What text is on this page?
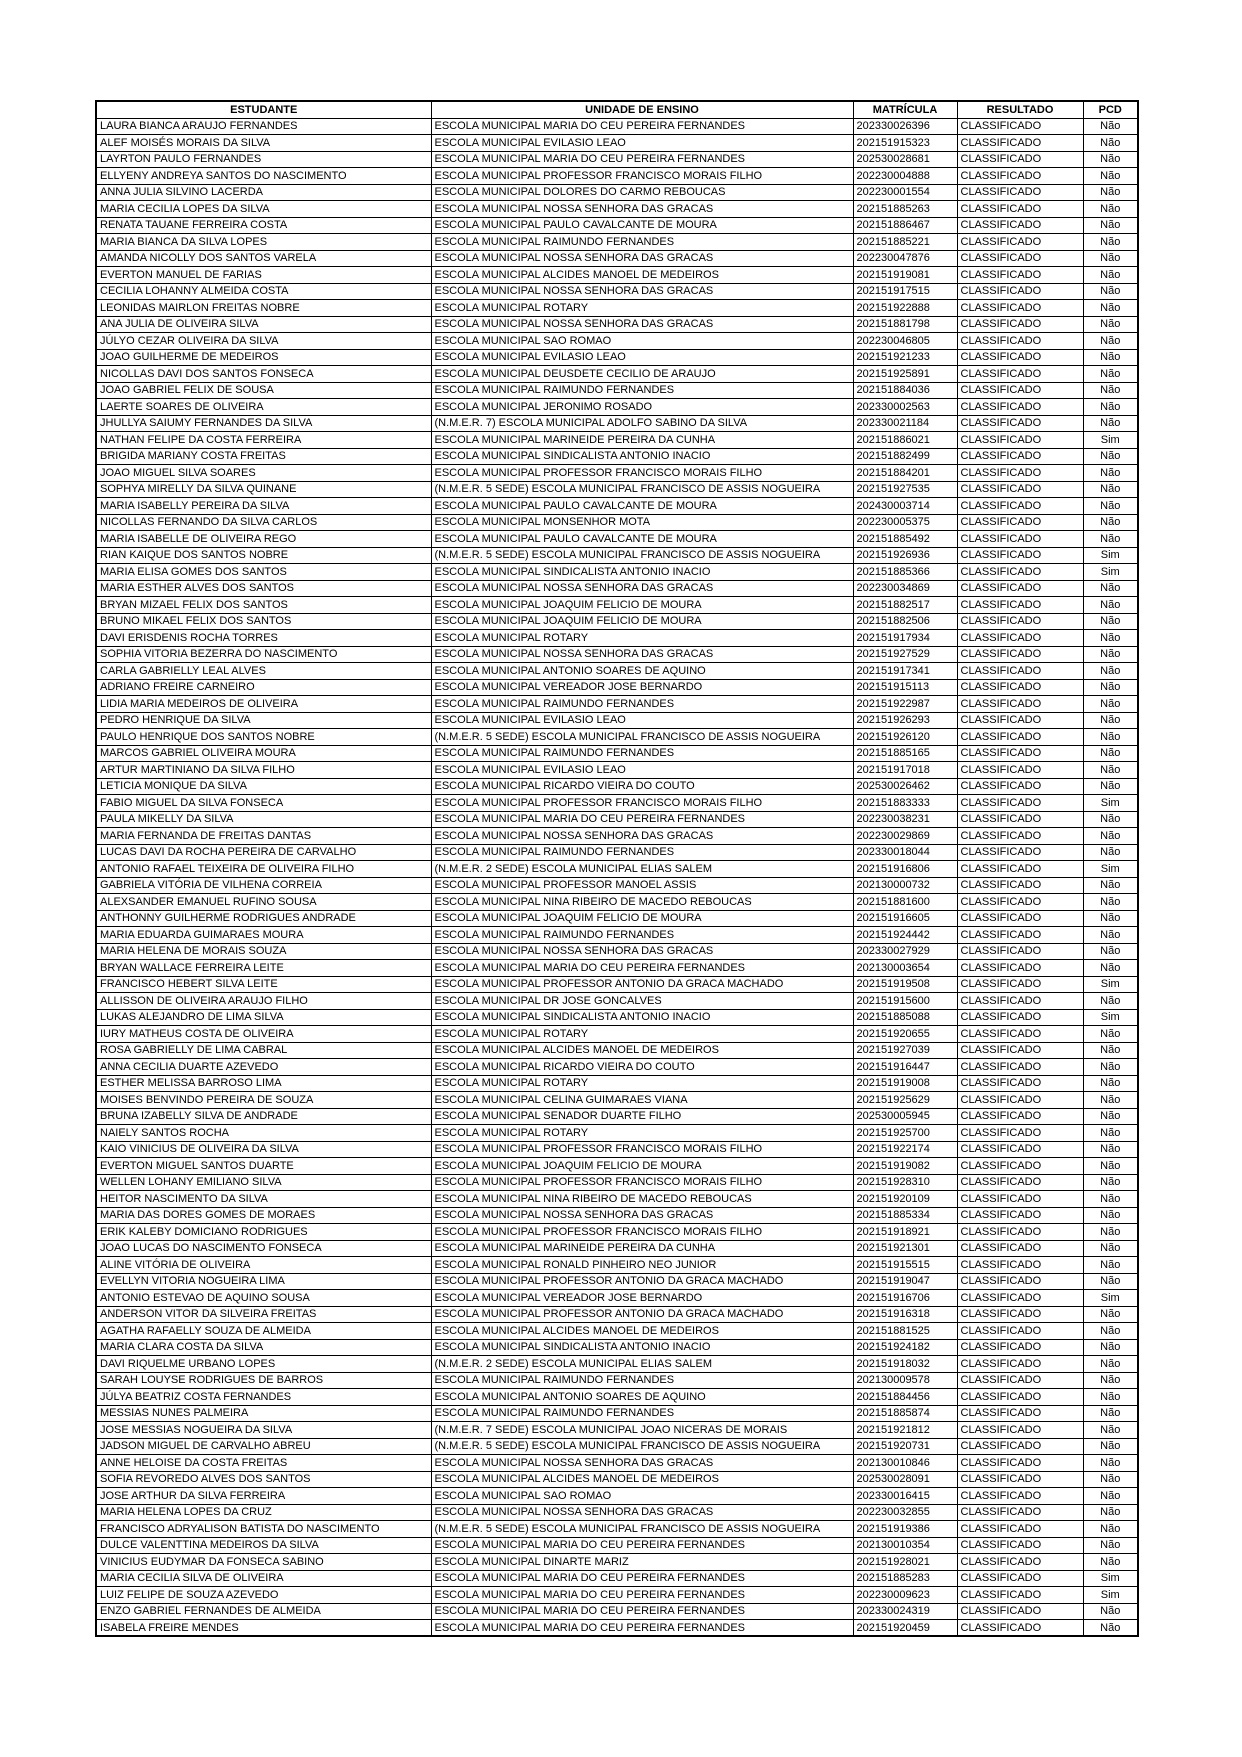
ESTUDANTE	UNIDADE DE ENSINO	MATRÍCULA	RESULTADO	PCD
LAURA BIANCA ARAUJO FERNANDES	ESCOLA MUNICIPAL MARIA DO CEU PEREIRA FERNANDES	202330026396	CLASSIFICADO	Não
ALEF MOISÉS MORAIS DA SILVA	ESCOLA MUNICIPAL EVILASIO LEAO	202151915323	CLASSIFICADO	Não
LAYRTON PAULO FERNANDES	ESCOLA MUNICIPAL MARIA DO CEU PEREIRA FERNANDES	202530028681	CLASSIFICADO	Não
ELLYENY ANDREYA SANTOS DO NASCIMENTO	ESCOLA MUNICIPAL PROFESSOR FRANCISCO MORAIS FILHO	202230004888	CLASSIFICADO	Não
ANNA JULIA SILVINO LACERDA	ESCOLA MUNICIPAL DOLORES DO CARMO REBOUCAS	202230001554	CLASSIFICADO	Não
MARIA CECILIA LOPES DA SILVA	ESCOLA MUNICIPAL NOSSA SENHORA DAS GRACAS	202151885263	CLASSIFICADO	Não
RENATA TAUANE FERREIRA COSTA	ESCOLA MUNICIPAL PAULO CAVALCANTE DE MOURA	202151886467	CLASSIFICADO	Não
MARIA BIANCA DA SILVA LOPES	ESCOLA MUNICIPAL RAIMUNDO FERNANDES	202151885221	CLASSIFICADO	Não
AMANDA NICOLLY DOS SANTOS VARELA	ESCOLA MUNICIPAL NOSSA SENHORA DAS GRACAS	202230047876	CLASSIFICADO	Não
EVERTON MANUEL DE FARIAS	ESCOLA MUNICIPAL ALCIDES MANOEL DE MEDEIROS	202151919081	CLASSIFICADO	Não
CECILIA LOHANNY ALMEIDA COSTA	ESCOLA MUNICIPAL NOSSA SENHORA DAS GRACAS	202151917515	CLASSIFICADO	Não
LEONIDAS MAIRLON FREITAS NOBRE	ESCOLA MUNICIPAL ROTARY	202151922888	CLASSIFICADO	Não
ANA JULIA DE OLIVEIRA SILVA	ESCOLA MUNICIPAL NOSSA SENHORA DAS GRACAS	202151881798	CLASSIFICADO	Não
JÚLYO CEZAR OLIVEIRA DA SILVA	ESCOLA MUNICIPAL SAO ROMAO	202230046805	CLASSIFICADO	Não
JOAO GUILHERME DE MEDEIROS	ESCOLA MUNICIPAL EVILASIO LEAO	202151921233	CLASSIFICADO	Não
NICOLLAS DAVI DOS SANTOS FONSECA	ESCOLA MUNICIPAL DEUSDETE CECILIO DE ARAUJO	202151925891	CLASSIFICADO	Não
JOAO GABRIEL FELIX DE SOUSA	ESCOLA MUNICIPAL RAIMUNDO FERNANDES	202151884036	CLASSIFICADO	Não
LAERTE SOARES DE OLIVEIRA	ESCOLA MUNICIPAL JERONIMO ROSADO	202330002563	CLASSIFICADO	Não
JHULLYA SAIUMY FERNANDES DA SILVA	(N.M.E.R. 7) ESCOLA MUNICIPAL ADOLFO SABINO DA SILVA	202330021184	CLASSIFICADO	Não
NATHAN FELIPE DA COSTA FERREIRA	ESCOLA MUNICIPAL MARINEIDE PEREIRA DA CUNHA	202151886021	CLASSIFICADO	Sim
BRIGIDA MARIANY COSTA FREITAS	ESCOLA MUNICIPAL SINDICALISTA ANTONIO INACIO	202151882499	CLASSIFICADO	Não
JOAO MIGUEL SILVA SOARES	ESCOLA MUNICIPAL PROFESSOR FRANCISCO MORAIS FILHO	202151884201	CLASSIFICADO	Não
SOPHYA MIRELLY DA SILVA QUINANE	(N.M.E.R. 5 SEDE) ESCOLA MUNICIPAL FRANCISCO DE ASSIS NOGUEIRA	202151927535	CLASSIFICADO	Não
MARIA ISABELLY PEREIRA DA SILVA	ESCOLA MUNICIPAL PAULO CAVALCANTE DE MOURA	202430003714	CLASSIFICADO	Não
NICOLLAS FERNANDO DA SILVA CARLOS	ESCOLA MUNICIPAL MONSENHOR MOTA	202230005375	CLASSIFICADO	Não
MARIA ISABELLE DE OLIVEIRA REGO	ESCOLA MUNICIPAL PAULO CAVALCANTE DE MOURA	202151885492	CLASSIFICADO	Não
RIAN KAIQUE DOS SANTOS NOBRE	(N.M.E.R. 5 SEDE) ESCOLA MUNICIPAL FRANCISCO DE ASSIS NOGUEIRA	202151926936	CLASSIFICADO	Sim
MARIA ELISA GOMES DOS SANTOS	ESCOLA MUNICIPAL SINDICALISTA ANTONIO INACIO	202151885366	CLASSIFICADO	Sim
MARIA ESTHER ALVES DOS SANTOS	ESCOLA MUNICIPAL NOSSA SENHORA DAS GRACAS	202230034869	CLASSIFICADO	Não
BRYAN MIZAEL FELIX DOS SANTOS	ESCOLA MUNICIPAL JOAQUIM FELICIO DE MOURA	202151882517	CLASSIFICADO	Não
BRUNO MIKAEL FELIX DOS SANTOS	ESCOLA MUNICIPAL JOAQUIM FELICIO DE MOURA	202151882506	CLASSIFICADO	Não
DAVI ERISDENIS ROCHA TORRES	ESCOLA MUNICIPAL ROTARY	202151917934	CLASSIFICADO	Não
SOPHIA VITORIA BEZERRA DO NASCIMENTO	ESCOLA MUNICIPAL NOSSA SENHORA DAS GRACAS	202151927529	CLASSIFICADO	Não
CARLA GABRIELLY LEAL ALVES	ESCOLA MUNICIPAL ANTONIO SOARES DE AQUINO	202151917341	CLASSIFICADO	Não
ADRIANO FREIRE CARNEIRO	ESCOLA MUNICIPAL VEREADOR JOSE BERNARDO	202151915113	CLASSIFICADO	Não
LIDIA MARIA MEDEIROS DE OLIVEIRA	ESCOLA MUNICIPAL RAIMUNDO FERNANDES	202151922987	CLASSIFICADO	Não
PEDRO HENRIQUE DA SILVA	ESCOLA MUNICIPAL EVILASIO LEAO	202151926293	CLASSIFICADO	Não
PAULO HENRIQUE DOS SANTOS NOBRE	(N.M.E.R. 5 SEDE) ESCOLA MUNICIPAL FRANCISCO DE ASSIS NOGUEIRA	202151926120	CLASSIFICADO	Não
MARCOS GABRIEL OLIVEIRA MOURA	ESCOLA MUNICIPAL RAIMUNDO FERNANDES	202151885165	CLASSIFICADO	Não
ARTUR MARTINIANO DA SILVA FILHO	ESCOLA MUNICIPAL EVILASIO LEAO	202151917018	CLASSIFICADO	Não
LETICIA MONIQUE DA SILVA	ESCOLA MUNICIPAL RICARDO VIEIRA DO COUTO	202530026462	CLASSIFICADO	Não
FABIO MIGUEL DA SILVA FONSECA	ESCOLA MUNICIPAL PROFESSOR FRANCISCO MORAIS FILHO	202151883333	CLASSIFICADO	Sim
PAULA MIKELLY DA SILVA	ESCOLA MUNICIPAL MARIA DO CEU PEREIRA FERNANDES	202230038231	CLASSIFICADO	Não
MARIA FERNANDA DE FREITAS DANTAS	ESCOLA MUNICIPAL NOSSA SENHORA DAS GRACAS	202230029869	CLASSIFICADO	Não
LUCAS DAVI DA ROCHA PEREIRA DE CARVALHO	ESCOLA MUNICIPAL RAIMUNDO FERNANDES	202330018044	CLASSIFICADO	Não
ANTONIO RAFAEL TEIXEIRA DE OLIVEIRA FILHO	(N.M.E.R. 2 SEDE) ESCOLA MUNICIPAL ELIAS SALEM	202151916806	CLASSIFICADO	Sim
GABRIELA VITÓRIA DE VILHENA CORREIA	ESCOLA MUNICIPAL PROFESSOR MANOEL ASSIS	202130000732	CLASSIFICADO	Não
ALEXSANDER EMANUEL RUFINO SOUSA	ESCOLA MUNICIPAL NINA RIBEIRO DE MACEDO REBOUCAS	202151881600	CLASSIFICADO	Não
ANTHONNY GUILHERME RODRIGUES ANDRADE	ESCOLA MUNICIPAL JOAQUIM FELICIO DE MOURA	202151916605	CLASSIFICADO	Não
MARIA EDUARDA GUIMARAES MOURA	ESCOLA MUNICIPAL RAIMUNDO FERNANDES	202151924442	CLASSIFICADO	Não
MARIA HELENA DE MORAIS SOUZA	ESCOLA MUNICIPAL NOSSA SENHORA DAS GRACAS	202330027929	CLASSIFICADO	Não
BRYAN WALLACE FERREIRA LEITE	ESCOLA MUNICIPAL MARIA DO CEU PEREIRA FERNANDES	202130003654	CLASSIFICADO	Não
FRANCISCO HEBERT SILVA LEITE	ESCOLA MUNICIPAL PROFESSOR ANTONIO DA GRACA MACHADO	202151919508	CLASSIFICADO	Sim
ALLISSON DE OLIVEIRA ARAUJO FILHO	ESCOLA MUNICIPAL DR JOSE GONCALVES	202151915600	CLASSIFICADO	Não
LUKAS ALEJANDRO DE LIMA SILVA	ESCOLA MUNICIPAL SINDICALISTA ANTONIO INACIO	202151885088	CLASSIFICADO	Sim
IURY MATHEUS COSTA DE OLIVEIRA	ESCOLA MUNICIPAL ROTARY	202151920655	CLASSIFICADO	Não
ROSA GABRIELLY DE LIMA CABRAL	ESCOLA MUNICIPAL ALCIDES MANOEL DE MEDEIROS	202151927039	CLASSIFICADO	Não
ANNA CECILIA DUARTE AZEVEDO	ESCOLA MUNICIPAL RICARDO VIEIRA DO COUTO	202151916447	CLASSIFICADO	Não
ESTHER MELISSA BARROSO LIMA	ESCOLA MUNICIPAL ROTARY	202151919008	CLASSIFICADO	Não
MOISES BENVINDO PEREIRA DE SOUZA	ESCOLA MUNICIPAL CELINA GUIMARAES VIANA	202151925629	CLASSIFICADO	Não
BRUNA IZABELLY SILVA DE ANDRADE	ESCOLA MUNICIPAL SENADOR DUARTE FILHO	202530005945	CLASSIFICADO	Não
NAIELY SANTOS ROCHA	ESCOLA MUNICIPAL ROTARY	202151925700	CLASSIFICADO	Não
KAIO VINICIUS DE OLIVEIRA DA SILVA	ESCOLA MUNICIPAL PROFESSOR FRANCISCO MORAIS FILHO	202151922174	CLASSIFICADO	Não
EVERTON MIGUEL SANTOS DUARTE	ESCOLA MUNICIPAL JOAQUIM FELICIO DE MOURA	202151919082	CLASSIFICADO	Não
WELLEN LOHANY EMILIANO SILVA	ESCOLA MUNICIPAL PROFESSOR FRANCISCO MORAIS FILHO	202151928310	CLASSIFICADO	Não
HEITOR NASCIMENTO DA SILVA	ESCOLA MUNICIPAL NINA RIBEIRO DE MACEDO REBOUCAS	202151920109	CLASSIFICADO	Não
MARIA DAS DORES GOMES DE MORAES	ESCOLA MUNICIPAL NOSSA SENHORA DAS GRACAS	202151885334	CLASSIFICADO	Não
ERIK KALEBY DOMICIANO RODRIGUES	ESCOLA MUNICIPAL PROFESSOR FRANCISCO MORAIS FILHO	202151918921	CLASSIFICADO	Não
JOAO LUCAS DO NASCIMENTO FONSECA	ESCOLA MUNICIPAL MARINEIDE PEREIRA DA CUNHA	202151921301	CLASSIFICADO	Não
ALINE VITÓRIA DE OLIVEIRA	ESCOLA MUNICIPAL RONALD PINHEIRO NEO JUNIOR	202151915515	CLASSIFICADO	Não
EVELLYN VITORIA NOGUEIRA LIMA	ESCOLA MUNICIPAL PROFESSOR ANTONIO DA GRACA MACHADO	202151919047	CLASSIFICADO	Não
ANTONIO ESTEVAO DE AQUINO SOUSA	ESCOLA MUNICIPAL VEREADOR JOSE BERNARDO	202151916706	CLASSIFICADO	Sim
ANDERSON VITOR DA SILVEIRA FREITAS	ESCOLA MUNICIPAL PROFESSOR ANTONIO DA GRACA MACHADO	202151916318	CLASSIFICADO	Não
AGATHA RAFAELLY SOUZA DE ALMEIDA	ESCOLA MUNICIPAL ALCIDES MANOEL DE MEDEIROS	202151881525	CLASSIFICADO	Não
MARIA CLARA COSTA DA SILVA	ESCOLA MUNICIPAL SINDICALISTA ANTONIO INACIO	202151924182	CLASSIFICADO	Não
DAVI RIQUELME URBANO LOPES	(N.M.E.R. 2 SEDE) ESCOLA MUNICIPAL ELIAS SALEM	202151918032	CLASSIFICADO	Não
SARAH LOUYSE RODRIGUES DE BARROS	ESCOLA MUNICIPAL RAIMUNDO FERNANDES	202130009578	CLASSIFICADO	Não
JÚLYA BEATRIZ COSTA FERNANDES	ESCOLA MUNICIPAL ANTONIO SOARES DE AQUINO	202151884456	CLASSIFICADO	Não
MESSIAS NUNES PALMEIRA	ESCOLA MUNICIPAL RAIMUNDO FERNANDES	202151885874	CLASSIFICADO	Não
JOSE MESSIAS NOGUEIRA DA SILVA	(N.M.E.R. 7 SEDE) ESCOLA MUNICIPAL JOAO NICERAS DE MORAIS	202151921812	CLASSIFICADO	Não
JADSON MIGUEL DE CARVALHO ABREU	(N.M.E.R. 5 SEDE) ESCOLA MUNICIPAL FRANCISCO DE ASSIS NOGUEIRA	202151920731	CLASSIFICADO	Não
ANNE HELOISE DA COSTA FREITAS	ESCOLA MUNICIPAL NOSSA SENHORA DAS GRACAS	202130010846	CLASSIFICADO	Não
SOFIA REVOREDO ALVES DOS SANTOS	ESCOLA MUNICIPAL ALCIDES MANOEL DE MEDEIROS	202530028091	CLASSIFICADO	Não
JOSE ARTHUR DA SILVA FERREIRA	ESCOLA MUNICIPAL SAO ROMAO	202330016415	CLASSIFICADO	Não
MARIA HELENA LOPES DA CRUZ	ESCOLA MUNICIPAL NOSSA SENHORA DAS GRACAS	202230032855	CLASSIFICADO	Não
FRANCISCO ADRYALISON BATISTA DO NASCIMENTO	(N.M.E.R. 5 SEDE) ESCOLA MUNICIPAL FRANCISCO DE ASSIS NOGUEIRA	202151919386	CLASSIFICADO	Não
DULCE VALENTTINA MEDEIROS DA SILVA	ESCOLA MUNICIPAL MARIA DO CEU PEREIRA FERNANDES	202130010354	CLASSIFICADO	Não
VINICIUS EUDYMAR DA FONSECA SABINO	ESCOLA MUNICIPAL DINARTE MARIZ	202151928021	CLASSIFICADO	Não
MARIA CECILIA SILVA DE OLIVEIRA	ESCOLA MUNICIPAL MARIA DO CEU PEREIRA FERNANDES	202151885283	CLASSIFICADO	Sim
LUIZ FELIPE DE SOUZA AZEVEDO	ESCOLA MUNICIPAL MARIA DO CEU PEREIRA FERNANDES	202230009623	CLASSIFICADO	Sim
ENZO GABRIEL FERNANDES DE ALMEIDA	ESCOLA MUNICIPAL MARIA DO CEU PEREIRA FERNANDES	202330024319	CLASSIFICADO	Não
ISABELA FREIRE MENDES	ESCOLA MUNICIPAL MARIA DO CEU PEREIRA FERNANDES	202151920459	CLASSIFICADO	Não
